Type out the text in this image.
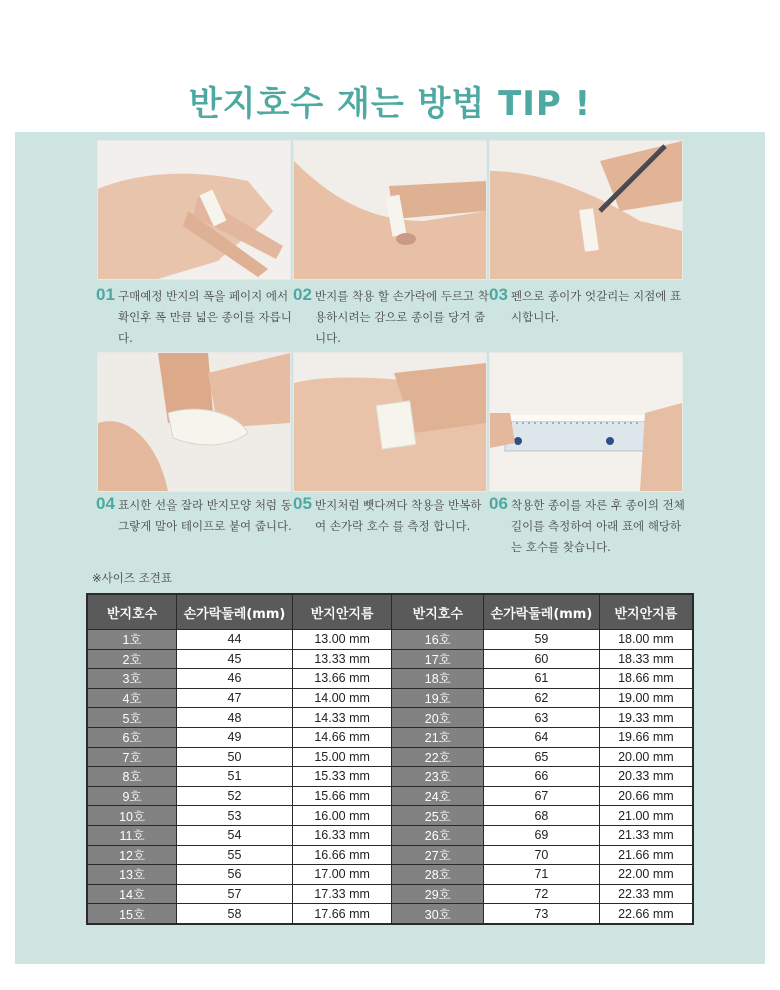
반지호수 재는 방법 TIP !
01 구매예정 반지의 폭을 페이지 에서 확인후 폭 만큼 넓은 종이를 자릅니다.
02 반지를 착용 할 손가락에 두르고 착용하시려는 감으로 종이를 당겨 줍니다.
03 펜으로 종이가 엇갈리는 지점에 표시합니다.
04 표시한 선을 잘라 반지모양 처럼 동그랗게 말아 테이프로 붙여 줍니다.
05 반지처럼 뺏다껴다 착용을 반복하여 손가락 호수 를 측정 합니다.
06 착용한 종이를 자른 후 종이의 전체 길이를 측정하여 아래 표에 해당하는 호수를 찾습니다.
※사이즈 조견표
반지호수	손가락둘레(mm)	반지안지름	반지호수	손가락둘레(mm)	반지안지름
1호	44	13.00 mm	16호	59	18.00 mm
2호	45	13.33 mm	17호	60	18.33 mm
3호	46	13.66 mm	18호	61	18.66 mm
4호	47	14.00 mm	19호	62	19.00 mm
5호	48	14.33 mm	20호	63	19.33 mm
6호	49	14.66 mm	21호	64	19.66 mm
7호	50	15.00 mm	22호	65	20.00 mm
8호	51	15.33 mm	23호	66	20.33 mm
9호	52	15.66 mm	24호	67	20.66 mm
10호	53	16.00 mm	25호	68	21.00 mm
11호	54	16.33 mm	26호	69	21.33 mm
12호	55	16.66 mm	27호	70	21.66 mm
13호	56	17.00 mm	28호	71	22.00 mm
14호	57	17.33 mm	29호	72	22.33 mm
15호	58	17.66 mm	30호	73	22.66 mm
